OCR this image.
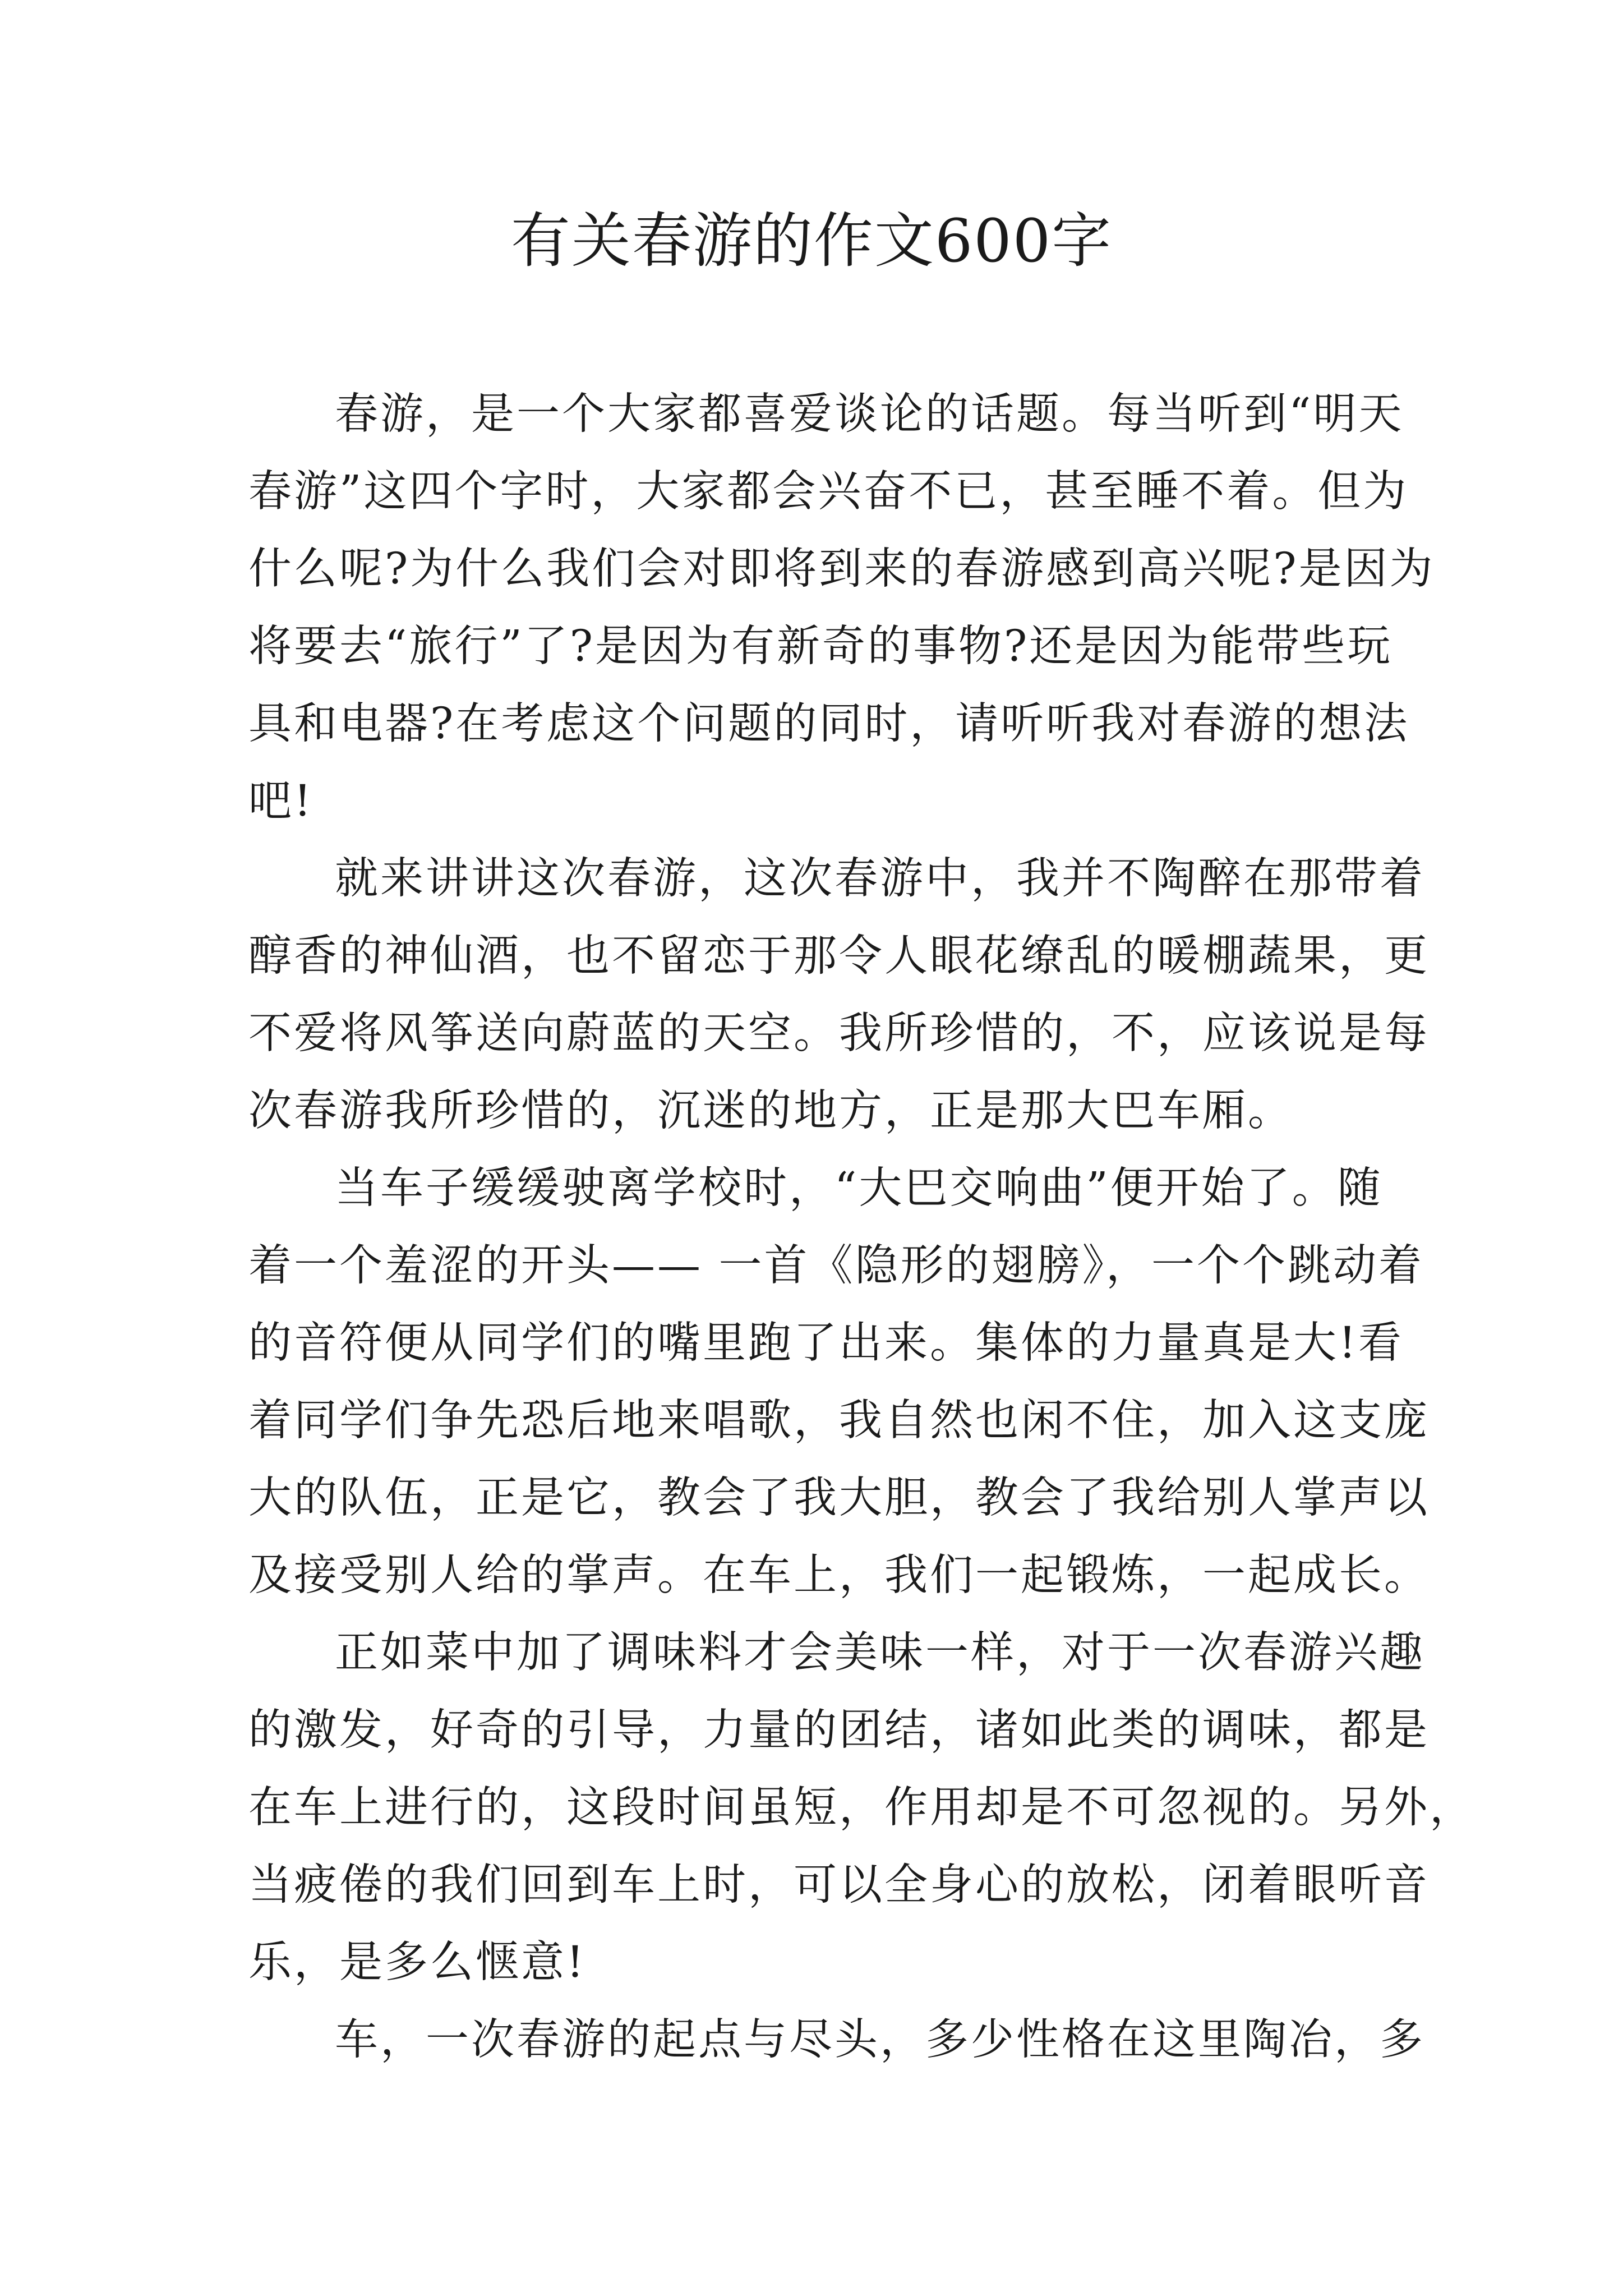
有关春游的作文600字
春游，是一个大家都喜爱谈论的话题。每当听到“明天
春游”这四个字时，大家都会兴奋不已，甚至睡不着。但为
什么呢?为什么我们会对即将到来的春游感到高兴呢?是因为
将要去“旅行”了?是因为有新奇的事物?还是因为能带些玩
具和电器?在考虑这个问题的同时，请听听我对春游的想法
吧!
就来讲讲这次春游，这次春游中，我并不陶醉在那带着
醇香的神仙酒，也不留恋于那令人眼花缭乱的暖棚蔬果，更
不爱将风筝送向蔚蓝的天空。我所珍惜的，不，应该说是每
次春游我所珍惜的，沉迷的地方，正是那大巴车厢。
当车子缓缓驶离学校时，“大巴交响曲”便开始了。随
着一个羞涩的开头—— 一首《隐形的翅膀》，一个个跳动着
的音符便从同学们的嘴里跑了出来。集体的力量真是大!看
着同学们争先恐后地来唱歌，我自然也闲不住，加入这支庞
大的队伍，正是它，教会了我大胆，教会了我给别人掌声以
及接受别人给的掌声。在车上，我们一起锻炼，一起成长。
正如菜中加了调味料才会美味一样，对于一次春游兴趣
的激发，好奇的引导，力量的团结，诸如此类的调味，都是
在车上进行的，这段时间虽短，作用却是不可忽视的。另外，
当疲倦的我们回到车上时，可以全身心的放松，闭着眼听音
乐，是多么惬意!
车，一次春游的起点与尽头，多少性格在这里陶冶，多
